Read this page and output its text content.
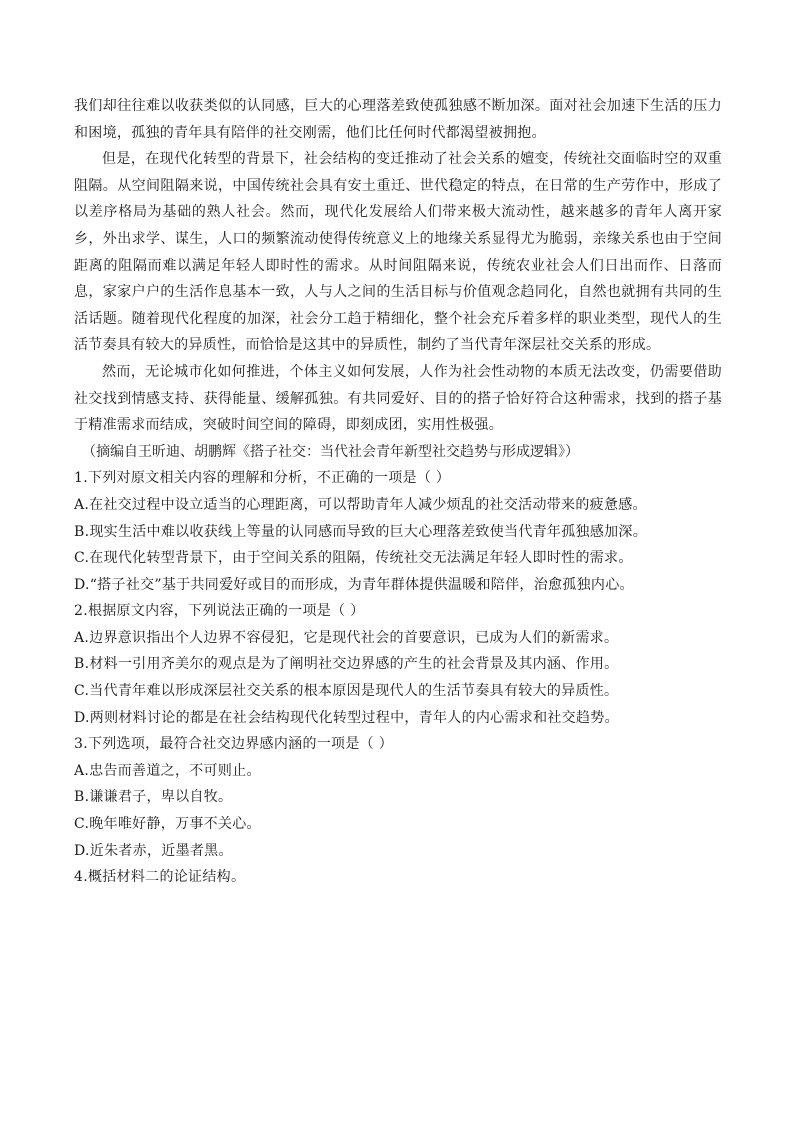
我们却往往难以收获类似的认同感，巨大的心理落差致使孤独感不断加深。面对社会加速下生活的压力和困境，孤独的青年具有陪伴的社交刚需，他们比任何时代都渴望被拥抱。

但是，在现代化转型的背景下，社会结构的变迁推动了社会关系的嬗变，传统社交面临时空的双重阻隔。从空间阻隔来说，中国传统社会具有安土重迁、世代稳定的特点，在日常的生产劳作中，形成了以差序格局为基础的熟人社会。然而，现代化发展给人们带来极大流动性，越来越多的青年人离开家乡，外出求学、谋生，人口的频繁流动使得传统意义上的地缘关系显得尤为脆弱，亲缘关系也由于空间距离的阻隔而难以满足年轻人即时性的需求。从时间阻隔来说，传统农业社会人们日出而作、日落而息，家家户户的生活作息基本一致，人与人之间的生活目标与价值观念趋同化，自然也就拥有共同的生活话题。随着现代化程度的加深，社会分工趋于精细化，整个社会充斥着多样的职业类型，现代人的生活节奏具有较大的异质性，而恰恰是这其中的异质性，制约了当代青年深层社交关系的形成。

然而，无论城市化如何推进，个体主义如何发展，人作为社会性动物的本质无法改变，仍需要借助社交找到情感支持、获得能量、缓解孤独。有共同爱好、目的的搭子恰好符合这种需求，找到的搭子基于精准需求而结成，突破时间空间的障碍，即刻成团，实用性极强。

（摘编自王昕迪、胡鹏辉《搭子社交：当代社会青年新型社交趋势与形成逻辑》）

1.下列对原文相关内容的理解和分析，不正确的一项是（ ）

A.在社交过程中设立适当的心理距离，可以帮助青年人减少烦乱的社交活动带来的疲惫感。

B.现实生活中难以收获线上等量的认同感而导致的巨大心理落差致使当代青年孤独感加深。

C.在现代化转型背景下，由于空间关系的阻隔，传统社交无法满足年轻人即时性的需求。

D.“搭子社交”基于共同爱好或目的而形成，为青年群体提供温暖和陪伴，治愈孤独内心。

2.根据原文内容，下列说法正确的一项是（ ）

A.边界意识指出个人边界不容侵犯，它是现代社会的首要意识，已成为人们的新需求。

B.材料一引用齐美尔的观点是为了阐明社交边界感的产生的社会背景及其内涵、作用。

C.当代青年难以形成深层社交关系的根本原因是现代人的生活节奏具有较大的异质性。

D.两则材料讨论的都是在社会结构现代化转型过程中，青年人的内心需求和社交趋势。

3.下列选项，最符合社交边界感内涵的一项是（ ）

A.忠告而善道之，不可则止。

B.谦谦君子，卑以自牧。

C.晚年唯好静，万事不关心。

D.近朱者赤，近墨者黑。

4.概括材料二的论证结构。
